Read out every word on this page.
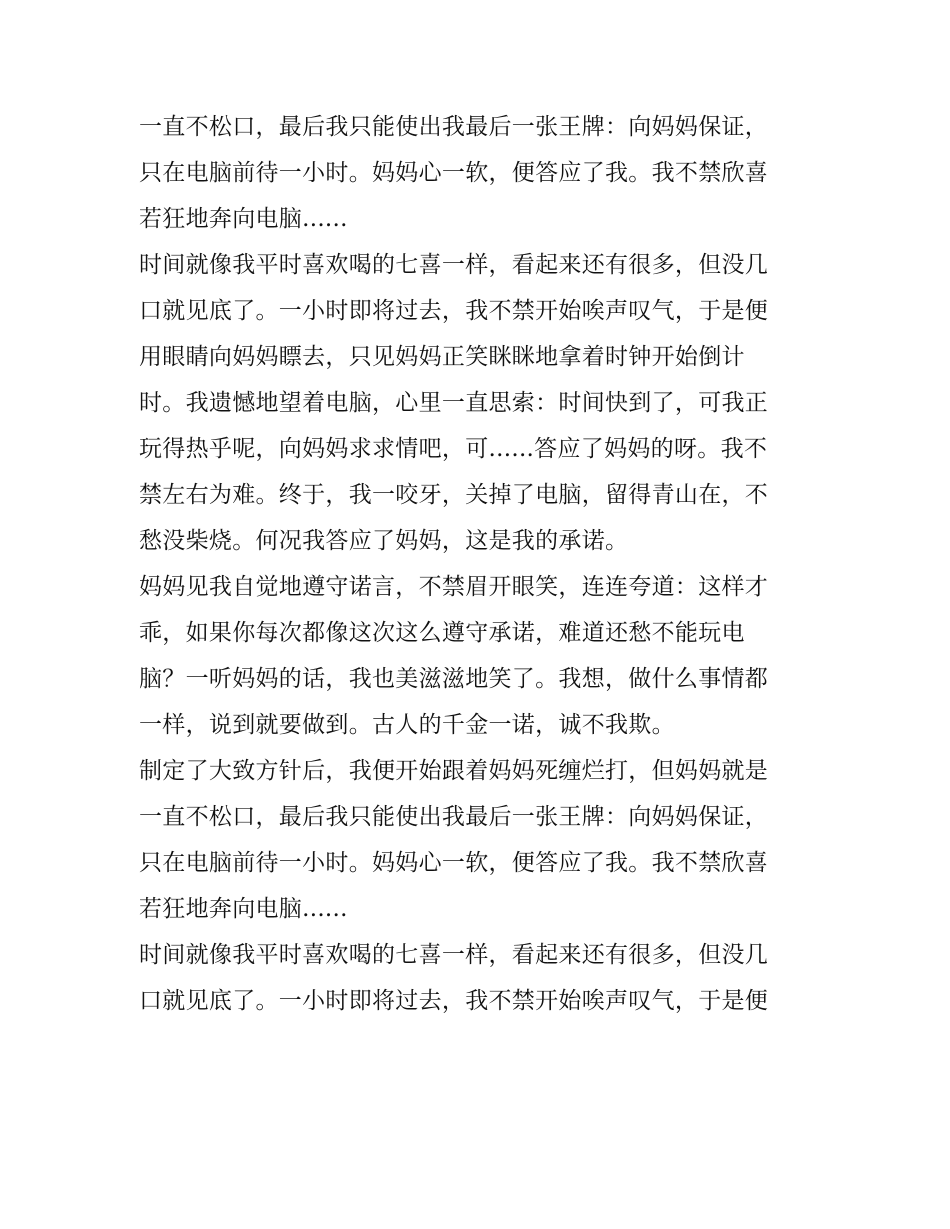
一直不松口，最后我只能使出我最后一张王牌：向妈妈保证，
只在电脑前待一小时。妈妈心一软，便答应了我。我不禁欣喜
若狂地奔向电脑......
时间就像我平时喜欢喝的七喜一样，看起来还有很多，但没几
口就见底了。一小时即将过去，我不禁开始唉声叹气，于是便
用眼睛向妈妈瞟去，只见妈妈正笑眯眯地拿着时钟开始倒计
时。我遗憾地望着电脑，心里一直思索：时间快到了，可我正
玩得热乎呢，向妈妈求求情吧，可......答应了妈妈的呀。我不
禁左右为难。终于，我一咬牙，关掉了电脑，留得青山在，不
愁没柴烧。何况我答应了妈妈，这是我的承诺。
妈妈见我自觉地遵守诺言，不禁眉开眼笑，连连夸道：这样才
乖，如果你每次都像这次这么遵守承诺，难道还愁不能玩电
脑？一听妈妈的话，我也美滋滋地笑了。我想，做什么事情都
一样，说到就要做到。古人的千金一诺，诚不我欺。
制定了大致方针后，我便开始跟着妈妈死缠烂打，但妈妈就是
一直不松口，最后我只能使出我最后一张王牌：向妈妈保证，
只在电脑前待一小时。妈妈心一软，便答应了我。我不禁欣喜
若狂地奔向电脑......
时间就像我平时喜欢喝的七喜一样，看起来还有很多，但没几
口就见底了。一小时即将过去，我不禁开始唉声叹气，于是便
